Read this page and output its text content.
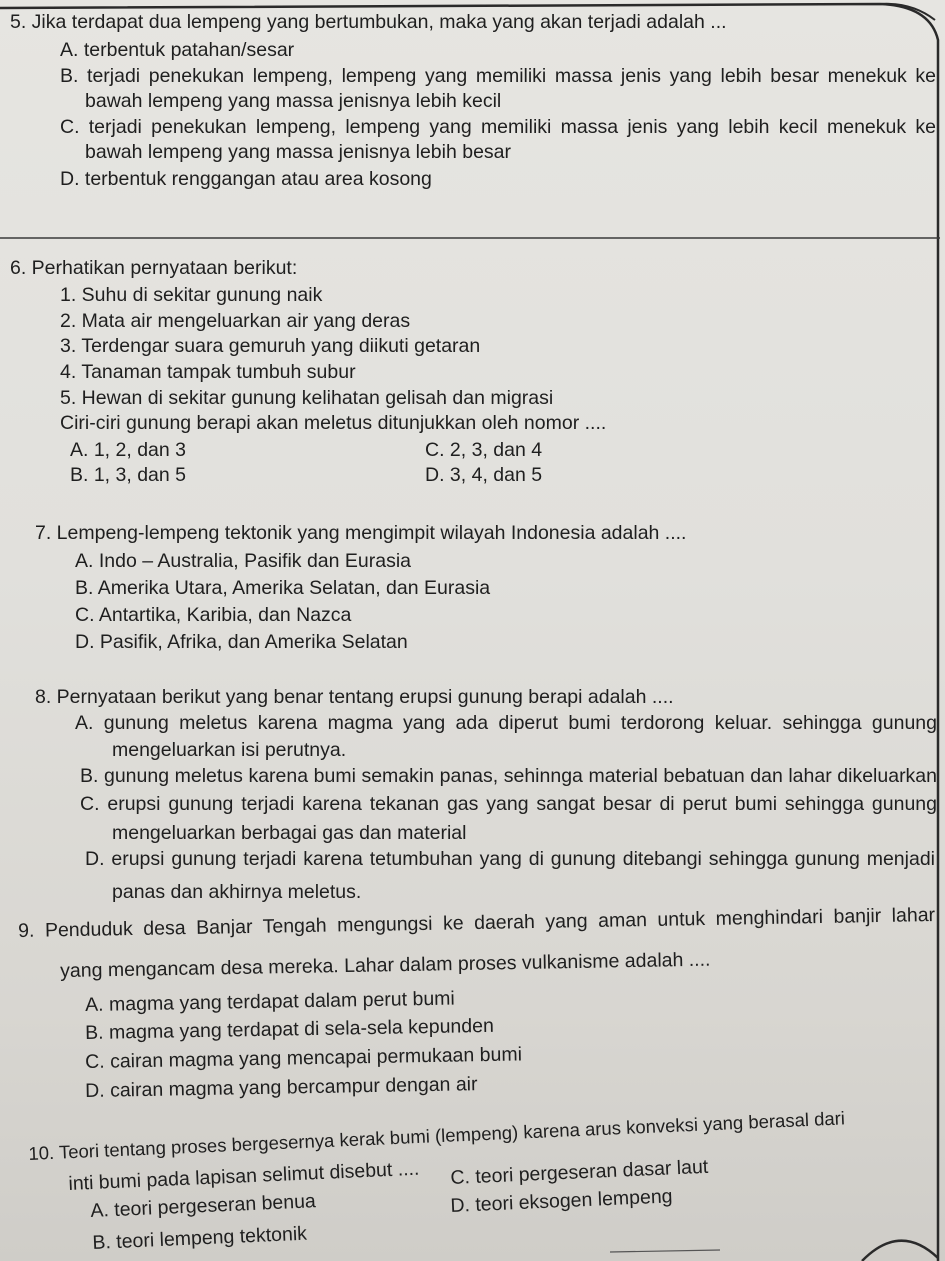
5. Jika terdapat dua lempeng yang bertumbukan, maka yang akan terjadi adalah ...
A. terbentuk patahan/sesar
B. terjadi penekukan lempeng, lempeng yang memiliki massa jenis yang lebih besar menekuk ke
bawah lempeng yang massa jenisnya lebih kecil
C. terjadi penekukan lempeng, lempeng yang memiliki massa jenis yang lebih kecil menekuk ke
bawah lempeng yang massa jenisnya lebih besar
D. terbentuk renggangan atau area kosong
6. Perhatikan pernyataan berikut:
1. Suhu di sekitar gunung naik
2. Mata air mengeluarkan air yang deras
3. Terdengar suara gemuruh yang diikuti getaran
4. Tanaman tampak tumbuh subur
5. Hewan di sekitar gunung kelihatan gelisah dan migrasi
Ciri-ciri gunung berapi akan meletus ditunjukkan oleh nomor ....
A. 1, 2, dan 3
B. 1, 3, dan 5
C. 2, 3, dan 4
D. 3, 4, dan 5
7. Lempeng-lempeng tektonik yang mengimpit wilayah Indonesia adalah ....
A. Indo – Australia, Pasifik dan Eurasia
B. Amerika Utara, Amerika Selatan, dan Eurasia
C. Antartika, Karibia, dan Nazca
D. Pasifik, Afrika, dan Amerika Selatan
8. Pernyataan berikut yang benar tentang erupsi gunung berapi adalah ....
A. gunung meletus karena magma yang ada diperut bumi terdorong keluar. sehingga gunung
mengeluarkan isi perutnya.
B. gunung meletus karena bumi semakin panas, sehinnga material bebatuan dan lahar dikeluarkan
C. erupsi gunung terjadi karena tekanan gas yang sangat besar di perut bumi sehingga gunung
mengeluarkan berbagai gas dan material
D. erupsi gunung terjadi karena tetumbuhan yang di gunung ditebangi sehingga gunung menjadi
panas dan akhirnya meletus.
9. Penduduk desa Banjar Tengah mengungsi ke daerah yang aman untuk menghindari banjir lahar
yang mengancam desa mereka. Lahar dalam proses vulkanisme adalah ....
A. magma yang terdapat dalam perut bumi
B. magma yang terdapat di sela-sela kepunden
C. cairan magma yang mencapai permukaan bumi
D. cairan magma yang bercampur dengan air
10. Teori tentang proses bergesernya kerak bumi (lempeng) karena arus konveksi yang berasal dari
inti bumi pada lapisan selimut disebut ....
A. teori pergeseran benua
B. teori lempeng tektonik
C. teori pergeseran dasar laut
D. teori eksogen lempeng
